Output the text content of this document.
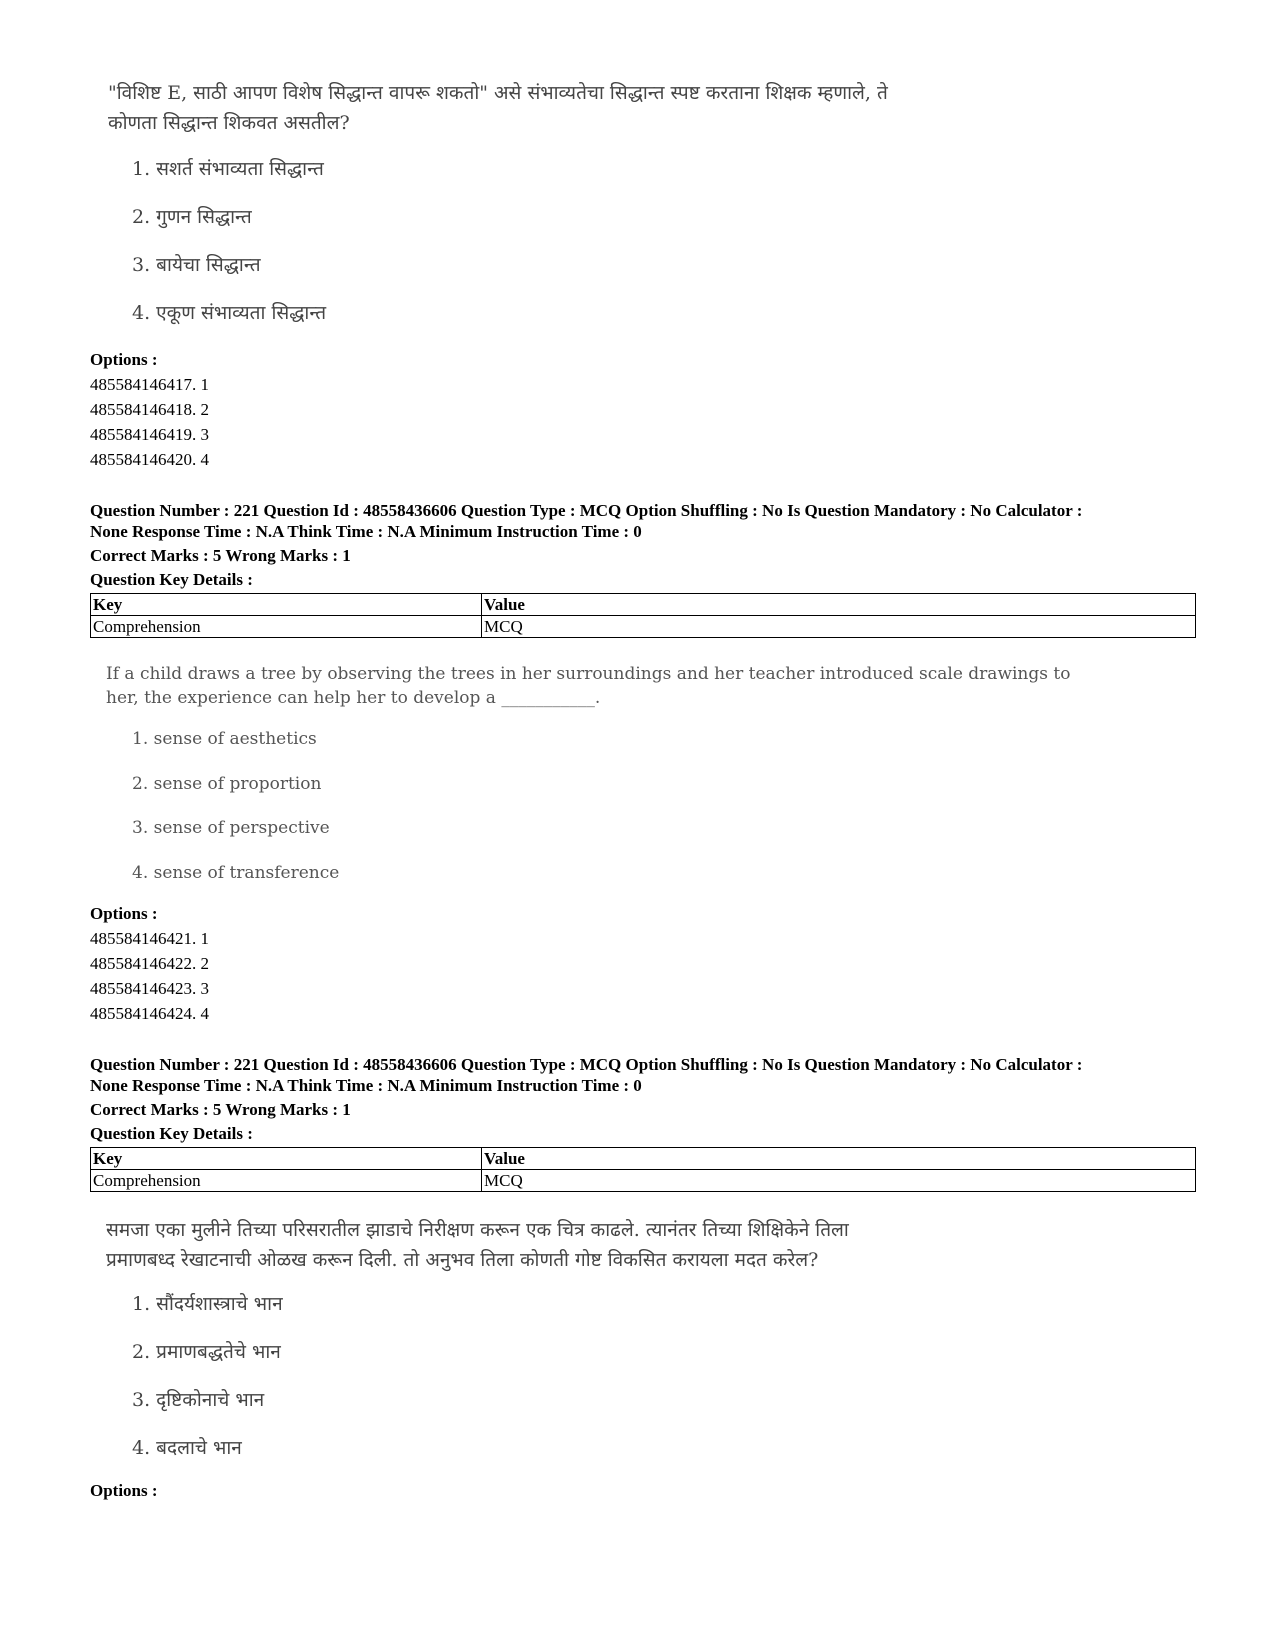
"विशिष्ट E, साठी आपण विशेष सिद्धान्त वापरू शकतो" असे संभाव्यतेचा सिद्धान्त स्पष्ट करताना शिक्षक म्हणाले, ते
कोणता सिद्धान्त शिकवत असतील?
1. सशर्त संभाव्यता सिद्धान्त
2. गुणन सिद्धान्त
3. बायेचा सिद्धान्त
4. एकूण संभाव्यता सिद्धान्त
Options :
485584146417. 1
485584146418. 2
485584146419. 3
485584146420. 4
Question Number : 221 Question Id : 48558436606 Question Type : MCQ Option Shuffling : No Is Question Mandatory : No Calculator :
None Response Time : N.A Think Time : N.A Minimum Instruction Time : 0
Correct Marks : 5 Wrong Marks : 1
Question Key Details :
Key	Value
Comprehension	MCQ
If a child draws a tree by observing the trees in her surroundings and her teacher introduced scale drawings to
her, the experience can help her to develop a ___________.
1. sense of aesthetics
2. sense of proportion
3. sense of perspective
4. sense of transference
Options :
485584146421. 1
485584146422. 2
485584146423. 3
485584146424. 4
Question Number : 221 Question Id : 48558436606 Question Type : MCQ Option Shuffling : No Is Question Mandatory : No Calculator :
None Response Time : N.A Think Time : N.A Minimum Instruction Time : 0
Correct Marks : 5 Wrong Marks : 1
Question Key Details :
Key	Value
Comprehension	MCQ
समजा एका मुलीने तिच्या परिसरातील झाडाचे निरीक्षण करून एक चित्र काढले. त्यानंतर तिच्या शिक्षिकेने तिला
प्रमाणबध्द रेखाटनाची ओळख करून दिली. तो अनुभव तिला कोणती गोष्ट विकसित करायला मदत करेल?
1. सौंदर्यशास्त्राचे भान
2. प्रमाणबद्धतेचे भान
3. दृष्टिकोनाचे भान
4. बदलाचे भान
Options :
